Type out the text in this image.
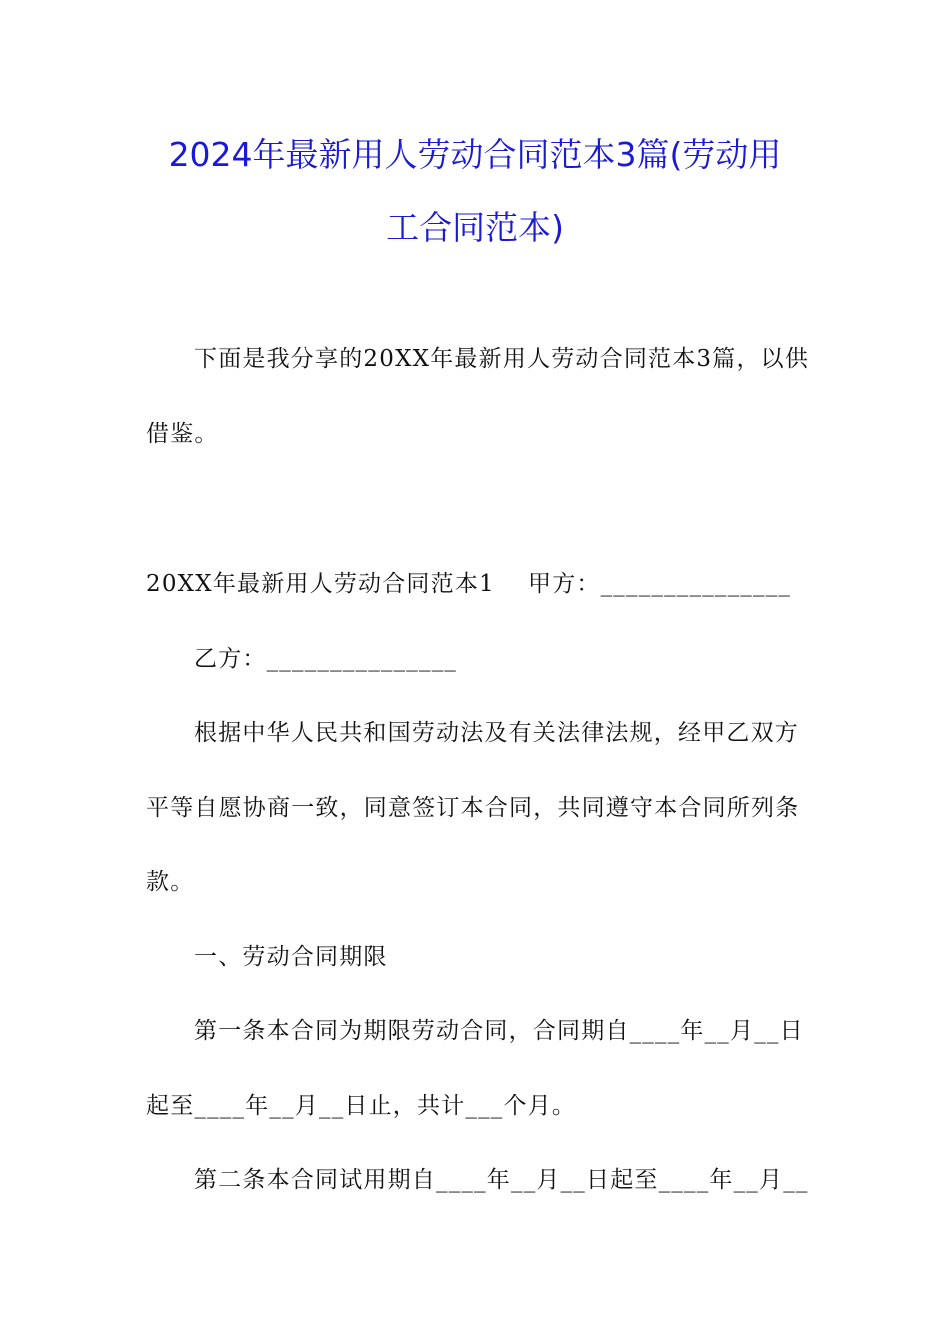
2024年最新用人劳动合同范本3篇(劳动用
工合同范本)
下面是我分享的20XX年最新用人劳动合同范本3篇，以供
借鉴。
20XX年最新用人劳动合同范本1 甲方：_______________
乙方：_______________
根据中华人民共和国劳动法及有关法律法规，经甲乙双方
平等自愿协商一致，同意签订本合同，共同遵守本合同所列条
款。
一、劳动合同期限
第一条本合同为期限劳动合同，合同期自____年__月__日
起至____年__月__日止，共计___个月。
第二条本合同试用期自____年__月__日起至____年__月__
